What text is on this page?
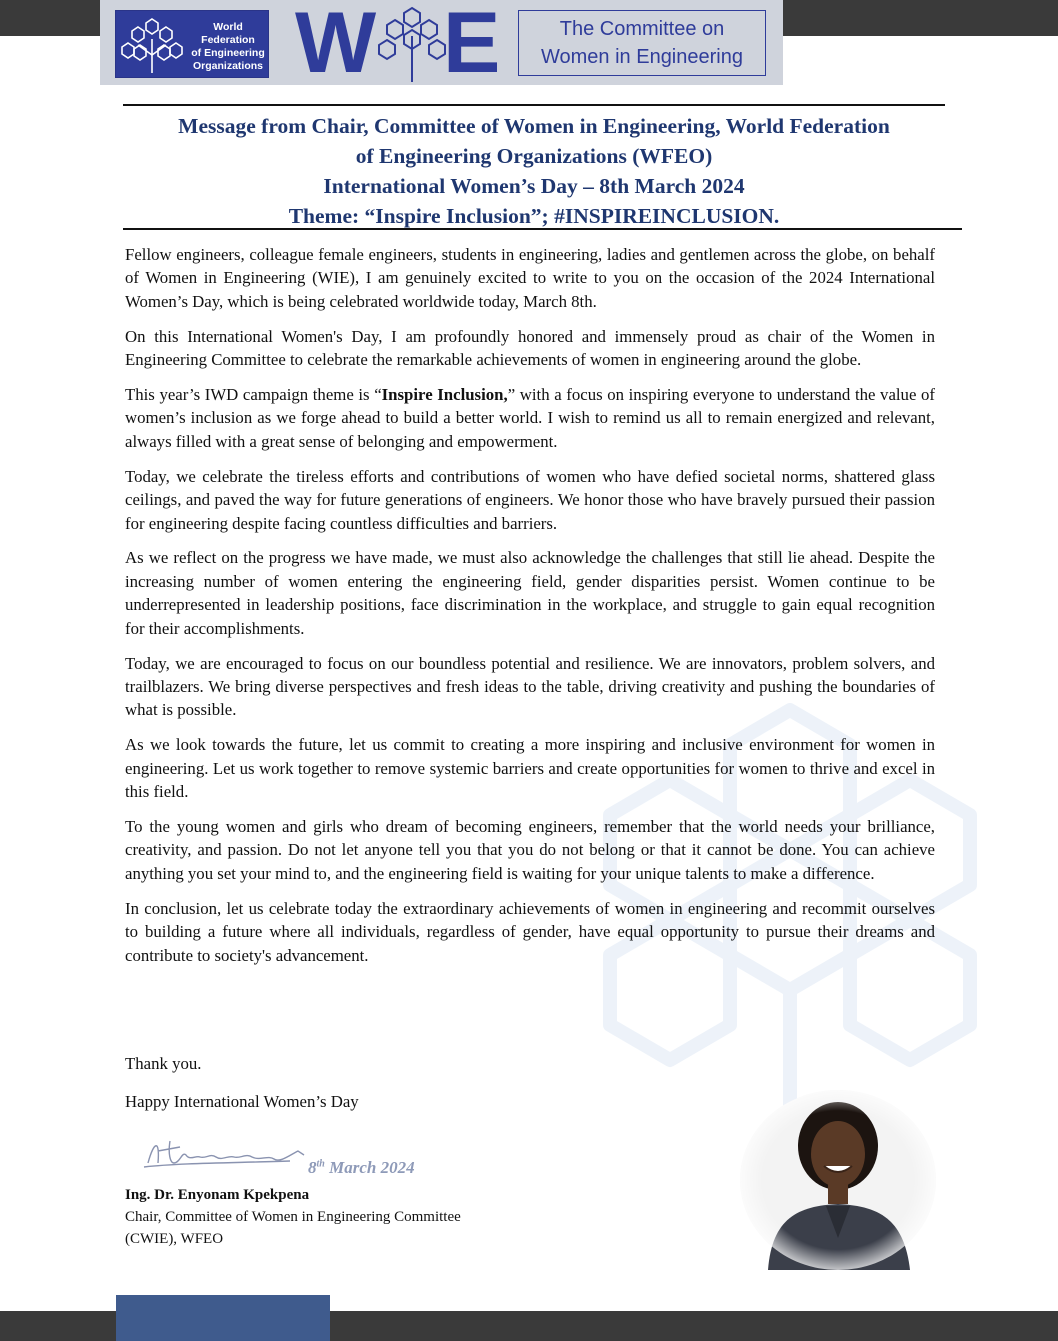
World Federation
of Engineering
Organizations W E	The Committee on
Women in Engineering
Message from Chair, Committee of Women in Engineering, World Federation
of Engineering Organizations (WFEO)
International Women’s Day – 8th March 2024
Theme: “Inspire Inclusion”; #INSPIREINCLUSION.

Fellow engineers, colleague female engineers, students in engineering, ladies and gentlemen across the globe, on behalf of Women in Engineering (WIE), I am genuinely excited to write to you on the occasion of the 2024 International Women’s Day, which is being celebrated worldwide today, March 8th.

On this International Women's Day, I am profoundly honored and immensely proud as chair of the Women in Engineering Committee to celebrate the remarkable achievements of women in engineering around the globe.

This year’s IWD campaign theme is “Inspire Inclusion,” with a focus on inspiring everyone to understand the value of women’s inclusion as we forge ahead to build a better world. I wish to remind us all to remain energized and relevant, always filled with a great sense of belonging and empowerment.

Today, we celebrate the tireless efforts and contributions of women who have defied societal norms, shattered glass ceilings, and paved the way for future generations of engineers. We honor those who have bravely pursued their passion for engineering despite facing countless difficulties and barriers.

As we reflect on the progress we have made, we must also acknowledge the challenges that still lie ahead. Despite the increasing number of women entering the engineering field, gender disparities persist. Women continue to be underrepresented in leadership positions, face discrimination in the workplace, and struggle to gain equal recognition for their accomplishments.

Today, we are encouraged to focus on our boundless potential and resilience. We are innovators, problem solvers, and trailblazers. We bring diverse perspectives and fresh ideas to the table, driving creativity and pushing the boundaries of what is possible.

As we look towards the future, let us commit to creating a more inspiring and inclusive environment for women in engineering. Let us work together to remove systemic barriers and create opportunities for women to thrive and excel in this field.

To the young women and girls who dream of becoming engineers, remember that the world needs your brilliance, creativity, and passion. Do not let anyone tell you that you do not belong or that it cannot be done. You can achieve anything you set your mind to, and the engineering field is waiting for your unique talents to make a difference.

In conclusion, let us celebrate today the extraordinary achievements of women in engineering and recommit ourselves to building a future where all individuals, regardless of gender, have equal opportunity to pursue their dreams and contribute to society's advancement.

Thank you.
Happy International Women’s Day
8th March 2024
Ing. Dr. Enyonam Kpekpena
Chair, Committee of Women in Engineering Committee
(CWIE), WFEO
